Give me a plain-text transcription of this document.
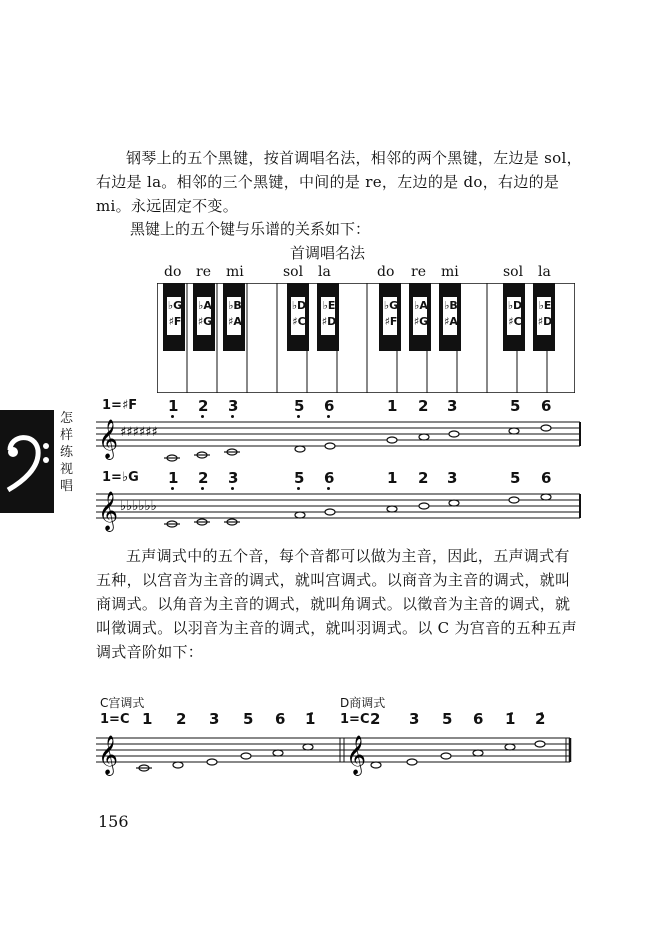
钢琴上的五个黑键，按首调唱名法，相邻的两个黑键，左边是 sol，右边是 la。相邻的三个黑键，中间的是 re，左边的是 do，右边的是 mi。永远固定不变。
黑键上的五个键与乐谱的关系如下：
首调唱名法
do re mi	sol la	do re mi	sol la
♭G
♯F
♭A
♯G
♭B
♯A
♭D
♯C
♭E
♯D
♭G
♯F
♭A
♯G
♭B
♯A
♭D
♯C
♭E
♯D
怎
样
练
视
唱
1=♯F 1 2 3	5 6	1 2 3	5 6
𝄞 ♯♯♯♯♯♯
1=♭G 1 2 3	5 6	1 2 3	5 6
𝄞 ♭♭♭♭♭♭
五声调式中的五个音，每个音都可以做为主音，因此，五声调式有五种，以宫音为主音的调式，就叫宫调式。以商音为主音的调式，就叫商调式。以角音为主音的调式，就叫角调式。以徵音为主音的调式，就叫徵调式。以羽音为主音的调式，就叫羽调式。以 C 为宫音的五种五声调式音阶如下：
C宫调式
1=C 1 2 3 5 6 1̇
D商调式
1=C 2 3 5 6 1̇ 2̇
𝄞	𝄞
156
